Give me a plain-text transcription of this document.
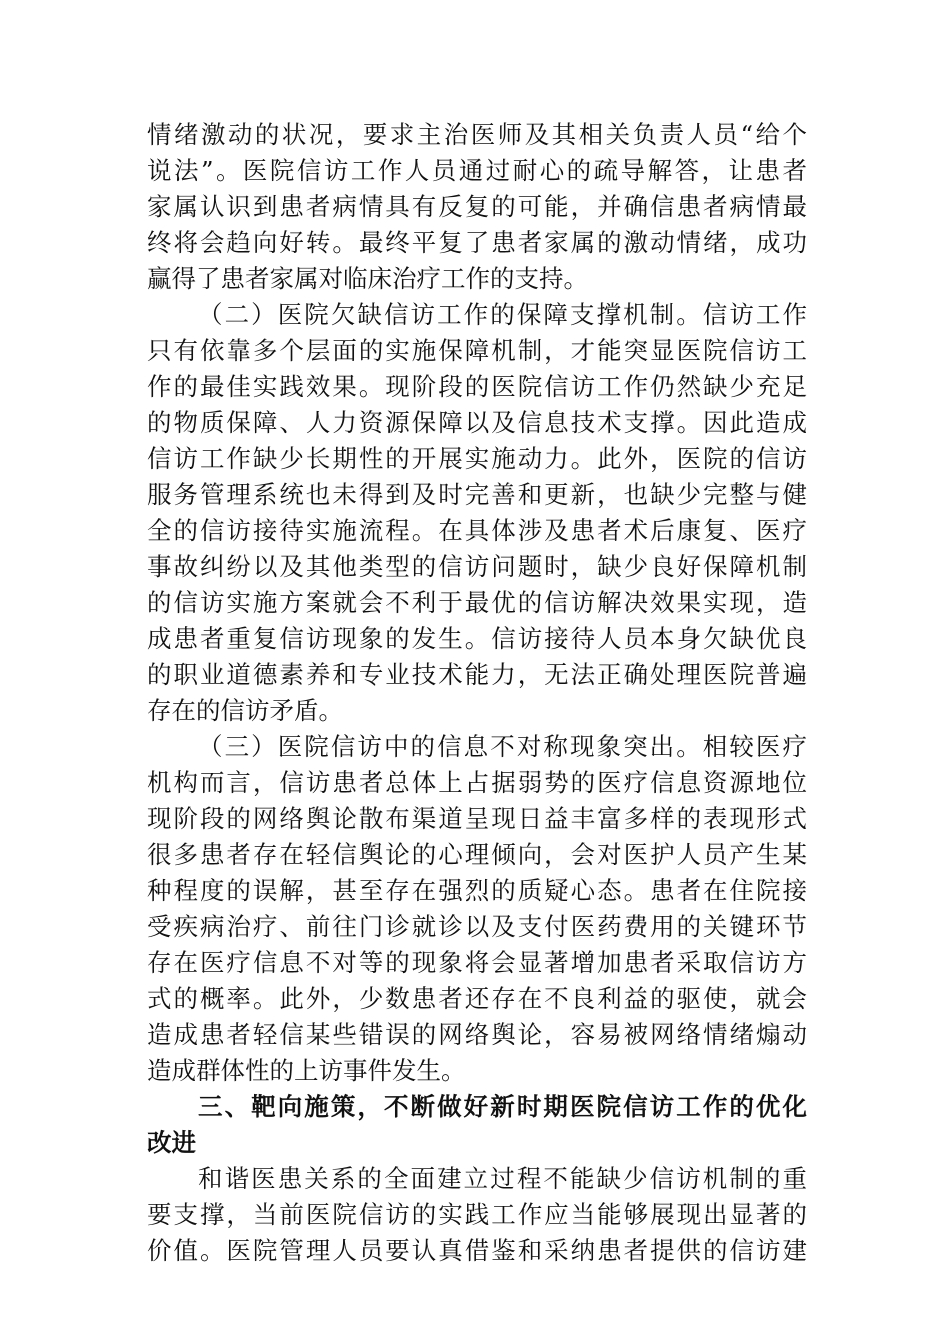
情绪激动的状况，要求主治医师及其相关负责人员“给个
说法”。医院信访工作人员通过耐心的疏导解答，让患者
家属认识到患者病情具有反复的可能，并确信患者病情最
终将会趋向好转。最终平复了患者家属的激动情绪，成功
赢得了患者家属对临床治疗工作的支持。
（二）医院欠缺信访工作的保障支撑机制。信访工作
只有依靠多个层面的实施保障机制，才能突显医院信访工
作的最佳实践效果。现阶段的医院信访工作仍然缺少充足
的物质保障、人力资源保障以及信息技术支撑。因此造成
信访工作缺少长期性的开展实施动力。此外，医院的信访
服务管理系统也未得到及时完善和更新，也缺少完整与健
全的信访接待实施流程。在具体涉及患者术后康复、医疗
事故纠纷以及其他类型的信访问题时，缺少良好保障机制
的信访实施方案就会不利于最优的信访解决效果实现，造
成患者重复信访现象的发生。信访接待人员本身欠缺优良
的职业道德素养和专业技术能力，无法正确处理医院普遍
存在的信访矛盾。
（三）医院信访中的信息不对称现象突出。相较医疗
机构而言，信访患者总体上占据弱势的医疗信息资源地位
现阶段的网络舆论散布渠道呈现日益丰富多样的表现形式
很多患者存在轻信舆论的心理倾向，会对医护人员产生某
种程度的误解，甚至存在强烈的质疑心态。患者在住院接
受疾病治疗、前往门诊就诊以及支付医药费用的关键环节
存在医疗信息不对等的现象将会显著增加患者采取信访方
式的概率。此外，少数患者还存在不良利益的驱使，就会
造成患者轻信某些错误的网络舆论，容易被网络情绪煽动
造成群体性的上访事件发生。
三、靶向施策，不断做好新时期医院信访工作的优化
改进
和谐医患关系的全面建立过程不能缺少信访机制的重
要支撑，当前医院信访的实践工作应当能够展现出显著的
价值。医院管理人员要认真借鉴和采纳患者提供的信访建
